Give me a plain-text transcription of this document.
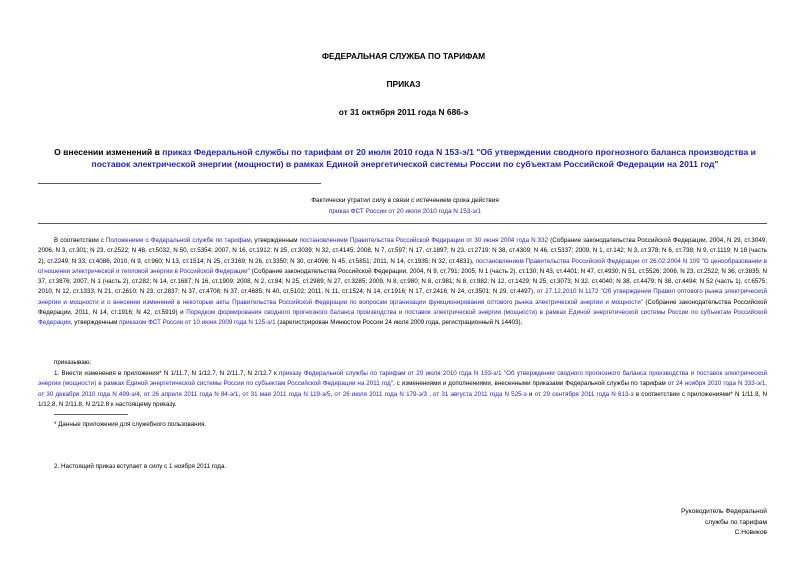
ФЕДЕРАЛЬНАЯ СЛУЖБА ПО ТАРИФАМ
ПРИКАЗ
от 31 октября 2011 года N 686-э
О внесении изменений в приказ Федеральной службы по тарифам от 20 июля 2010 года N 153-э/1 "Об утверждении сводного прогнозного баланса производства и поставок электрической энергии (мощности) в рамках Единой энергетической системы России по субъектам Российской Федерации на 2011 год"
Фактически утратил силу в связи с истечением срока действия
приказ ФСТ России от 20 июля 2010 года N 153-э/1
В соответствии с Положением о Федеральной службе по тарифам, утвержденным постановлением Правительства Российской Федерации от 30 июня 2004 года N 332 (Собрание законодательства Российской Федерации, 2004, N 29, ст.3049; 2006, N 3, ст.301; N 23, ст.2522; N 48, ст.5032, N 50, ст.5354; 2007, N 16, ст.1912; N 25, ст.3039; N 32, ст.4145; 2008, N 7, ст.597; N 17, ст.1897; N 23, ст.2719; N 38, ст.4309; N 46, ст.5337; 2009, N 1, ст.142; N 3, ст.378; N 6, ст.738; N 9, ст.1119; N 18 (часть 2), ст.2249; N 33, ст.4086; 2010, N 9, ст.960; N 13, ст.1514; N 25, ст.3169; N 26, ст.3350; N 30, ст.4096; N 45, ст.5851; 2011, N 14, ст.1935; N 32, ст.4831), постановлением Правительства Российской Федерации от 26.02.2004 N 109 "О ценообразовании в отношении электрической и тепловой энергии в Российской Федерации" (Собрание законодательства Российской Федерации, 2004, N 9, ст.791; 2005, N 1 (часть 2), ст.130; N 43, ст.4401; N 47, ст.4930; N 51, ст.5526; 2006, N 23, ст.2522; N 36, ст.3835; N 37, ст.3876; 2007, N 1 (часть 2), ст.282; N 14, ст.1687; N 16, ст.1909; 2008, N 2, ст.84; N 25, ст.2989; N 27, ст.3285; 2009, N 8, ст.980; N 8, ст.981; N 8, ст.982; N 12, ст.1429; N 25, ст.3073; N 32, ст.4040; N 38, ст.4479; N 38, ст.4494; N 52 (часть 1), ст.6575; 2010, N 12, ст.1333; N 21, ст.2610; N 23, ст.2837; N 37, ст.4708; N 37, ст.4685; N 40, ст.5102; 2011, N 11, ст.1524; N 14, ст.1916; N 17, ст.2416; N 24, ст.3501; N 29, ст.4497), от 27.12.2010 N 1172 "Об утверждении Правил оптового рынка электрической энергии и мощности и о внесении изменений в некоторые акты Правительства Российской Федерации по вопросам организации функционирования оптового рынка электрической энергии и мощности" (Собрание законодательства Российской Федерации, 2011, N 14, ст.1916; N 42, ст.5919) и Порядком формирования сводного прогнозного баланса производства и поставок электрической энергии (мощности) в рамках Единой энергетической системы России по субъектам Российской Федерации, утвержденным приказом ФСТ России от 10 июня 2009 года N 125-э/1 (зарегистрирован Минюстом России 24 июля 2009 года, регистрационный N 14403),
приказываю:
1. Внести изменения в приложения* N 1/11.7, N 1/12.7, N 2/11.7, N 2/12.7 к приказу Федеральной службы по тарифам от 20 июля 2010 года N 153-э/1 "Об утверждении сводного прогнозного баланса производства и поставок электрической энергии (мощности) в рамках Единой энергетической системы России по субъектам Российской Федерации на 2011 год", с изменениями и дополнениями, внесенными приказами Федеральной службы по тарифам от 24 ноября 2010 года N 333-э/1, от 30 декабря 2010 года N 499-э/4, от 26 апреля 2011 года N 84-э/1, от 31 мая 2011 года N 119-э/5, от 26 июля 2011 года N 179-э/3 , от 31 августа 2011 года N 525-э и от 29 сентября 2011 года N 613-э в соответствии с приложениями* N 1/11.8, N 1/12.8, N 2/11.8, N 2/12.8 к настоящему приказу.
* Данные приложения для служебного пользования.
2. Настоящий приказ вступает в силу с 1 ноября 2011 года.
Руководитель Федеральной
службы по тарифам
С.Новиков
